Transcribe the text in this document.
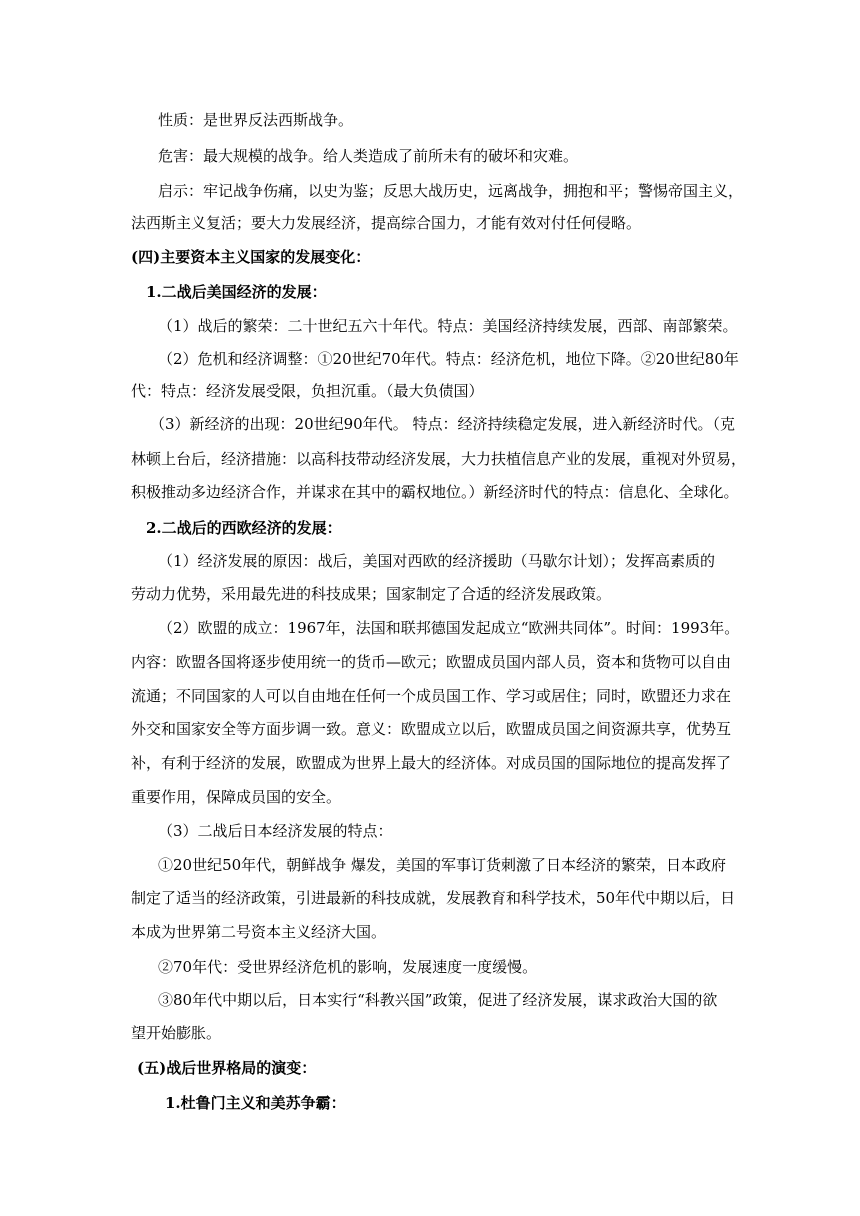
性质：是世界反法西斯战争。
危害：最大规模的战争。给人类造成了前所未有的破坏和灾难。
启示：牢记战争伤痛，以史为鉴；反思大战历史，远离战争，拥抱和平；警惕帝国主义，
法西斯主义复活；要大力发展经济，提高综合国力，才能有效对付任何侵略。
(四)主要资本主义国家的发展变化：
1.二战后美国经济的发展：
（1）战后的繁荣：二十世纪五六十年代。特点：美国经济持续发展，西部、南部繁荣。
（2）危机和经济调整：①20世纪70年代。特点：经济危机，地位下降。②20世纪80年
代：特点：经济发展受限，负担沉重。（最大负债国）
（3）新经济的出现：20世纪90年代。 特点：经济持续稳定发展，进入新经济时代。（克
林顿上台后，经济措施：以高科技带动经济发展，大力扶植信息产业的发展，重视对外贸易，
积极推动多边经济合作，并谋求在其中的霸权地位。）新经济时代的特点：信息化、全球化。
2.二战后的西欧经济的发展：
（1）经济发展的原因：战后，美国对西欧的经济援助（马歇尔计划）；发挥高素质的
劳动力优势，采用最先进的科技成果；国家制定了合适的经济发展政策。
（2）欧盟的成立：1967年，法国和联邦德国发起成立“欧洲共同体”。时间：1993年。
内容：欧盟各国将逐步使用统一的货币—欧元；欧盟成员国内部人员，资本和货物可以自由
流通；不同国家的人可以自由地在任何一个成员国工作、学习或居住；同时，欧盟还力求在
外交和国家安全等方面步调一致。意义：欧盟成立以后，欧盟成员国之间资源共享，优势互
补，有利于经济的发展，欧盟成为世界上最大的经济体。对成员国的国际地位的提高发挥了
重要作用，保障成员国的安全。
（3）二战后日本经济发展的特点：
①20世纪50年代，朝鲜战争 爆发，美国的军事订货刺激了日本经济的繁荣，日本政府
制定了适当的经济政策，引进最新的科技成就，发展教育和科学技术，50年代中期以后，日
本成为世界第二号资本主义经济大国。
②70年代：受世界经济危机的影响，发展速度一度缓慢。
③80年代中期以后，日本实行“科教兴国”政策，促进了经济发展，谋求政治大国的欲
望开始膨胀。
(五)战后世界格局的演变：
1.杜鲁门主义和美苏争霸：
